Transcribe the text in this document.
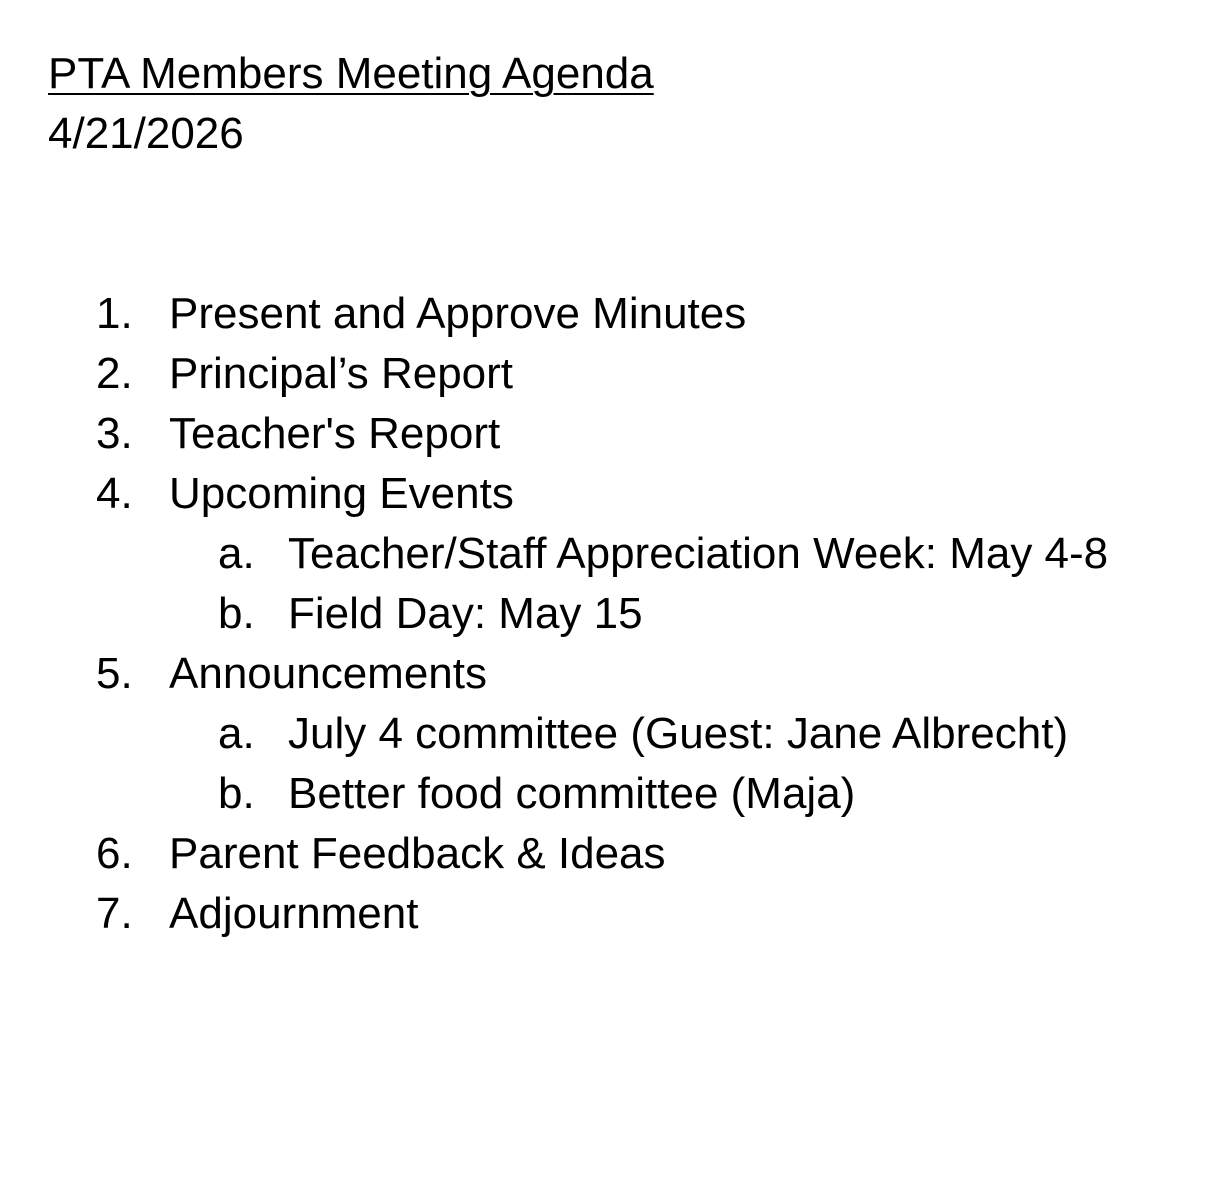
PTA Members Meeting Agenda
4/21/2026
1. Present and Approve Minutes
2. Principal’s Report
3. Teacher's Report
4. Upcoming Events
a. Teacher/Staff Appreciation Week: May 4-8
b. Field Day: May 15
5. Announcements
a. July 4 committee (Guest: Jane Albrecht)
b. Better food committee (Maja)
6. Parent Feedback & Ideas
7. Adjournment
